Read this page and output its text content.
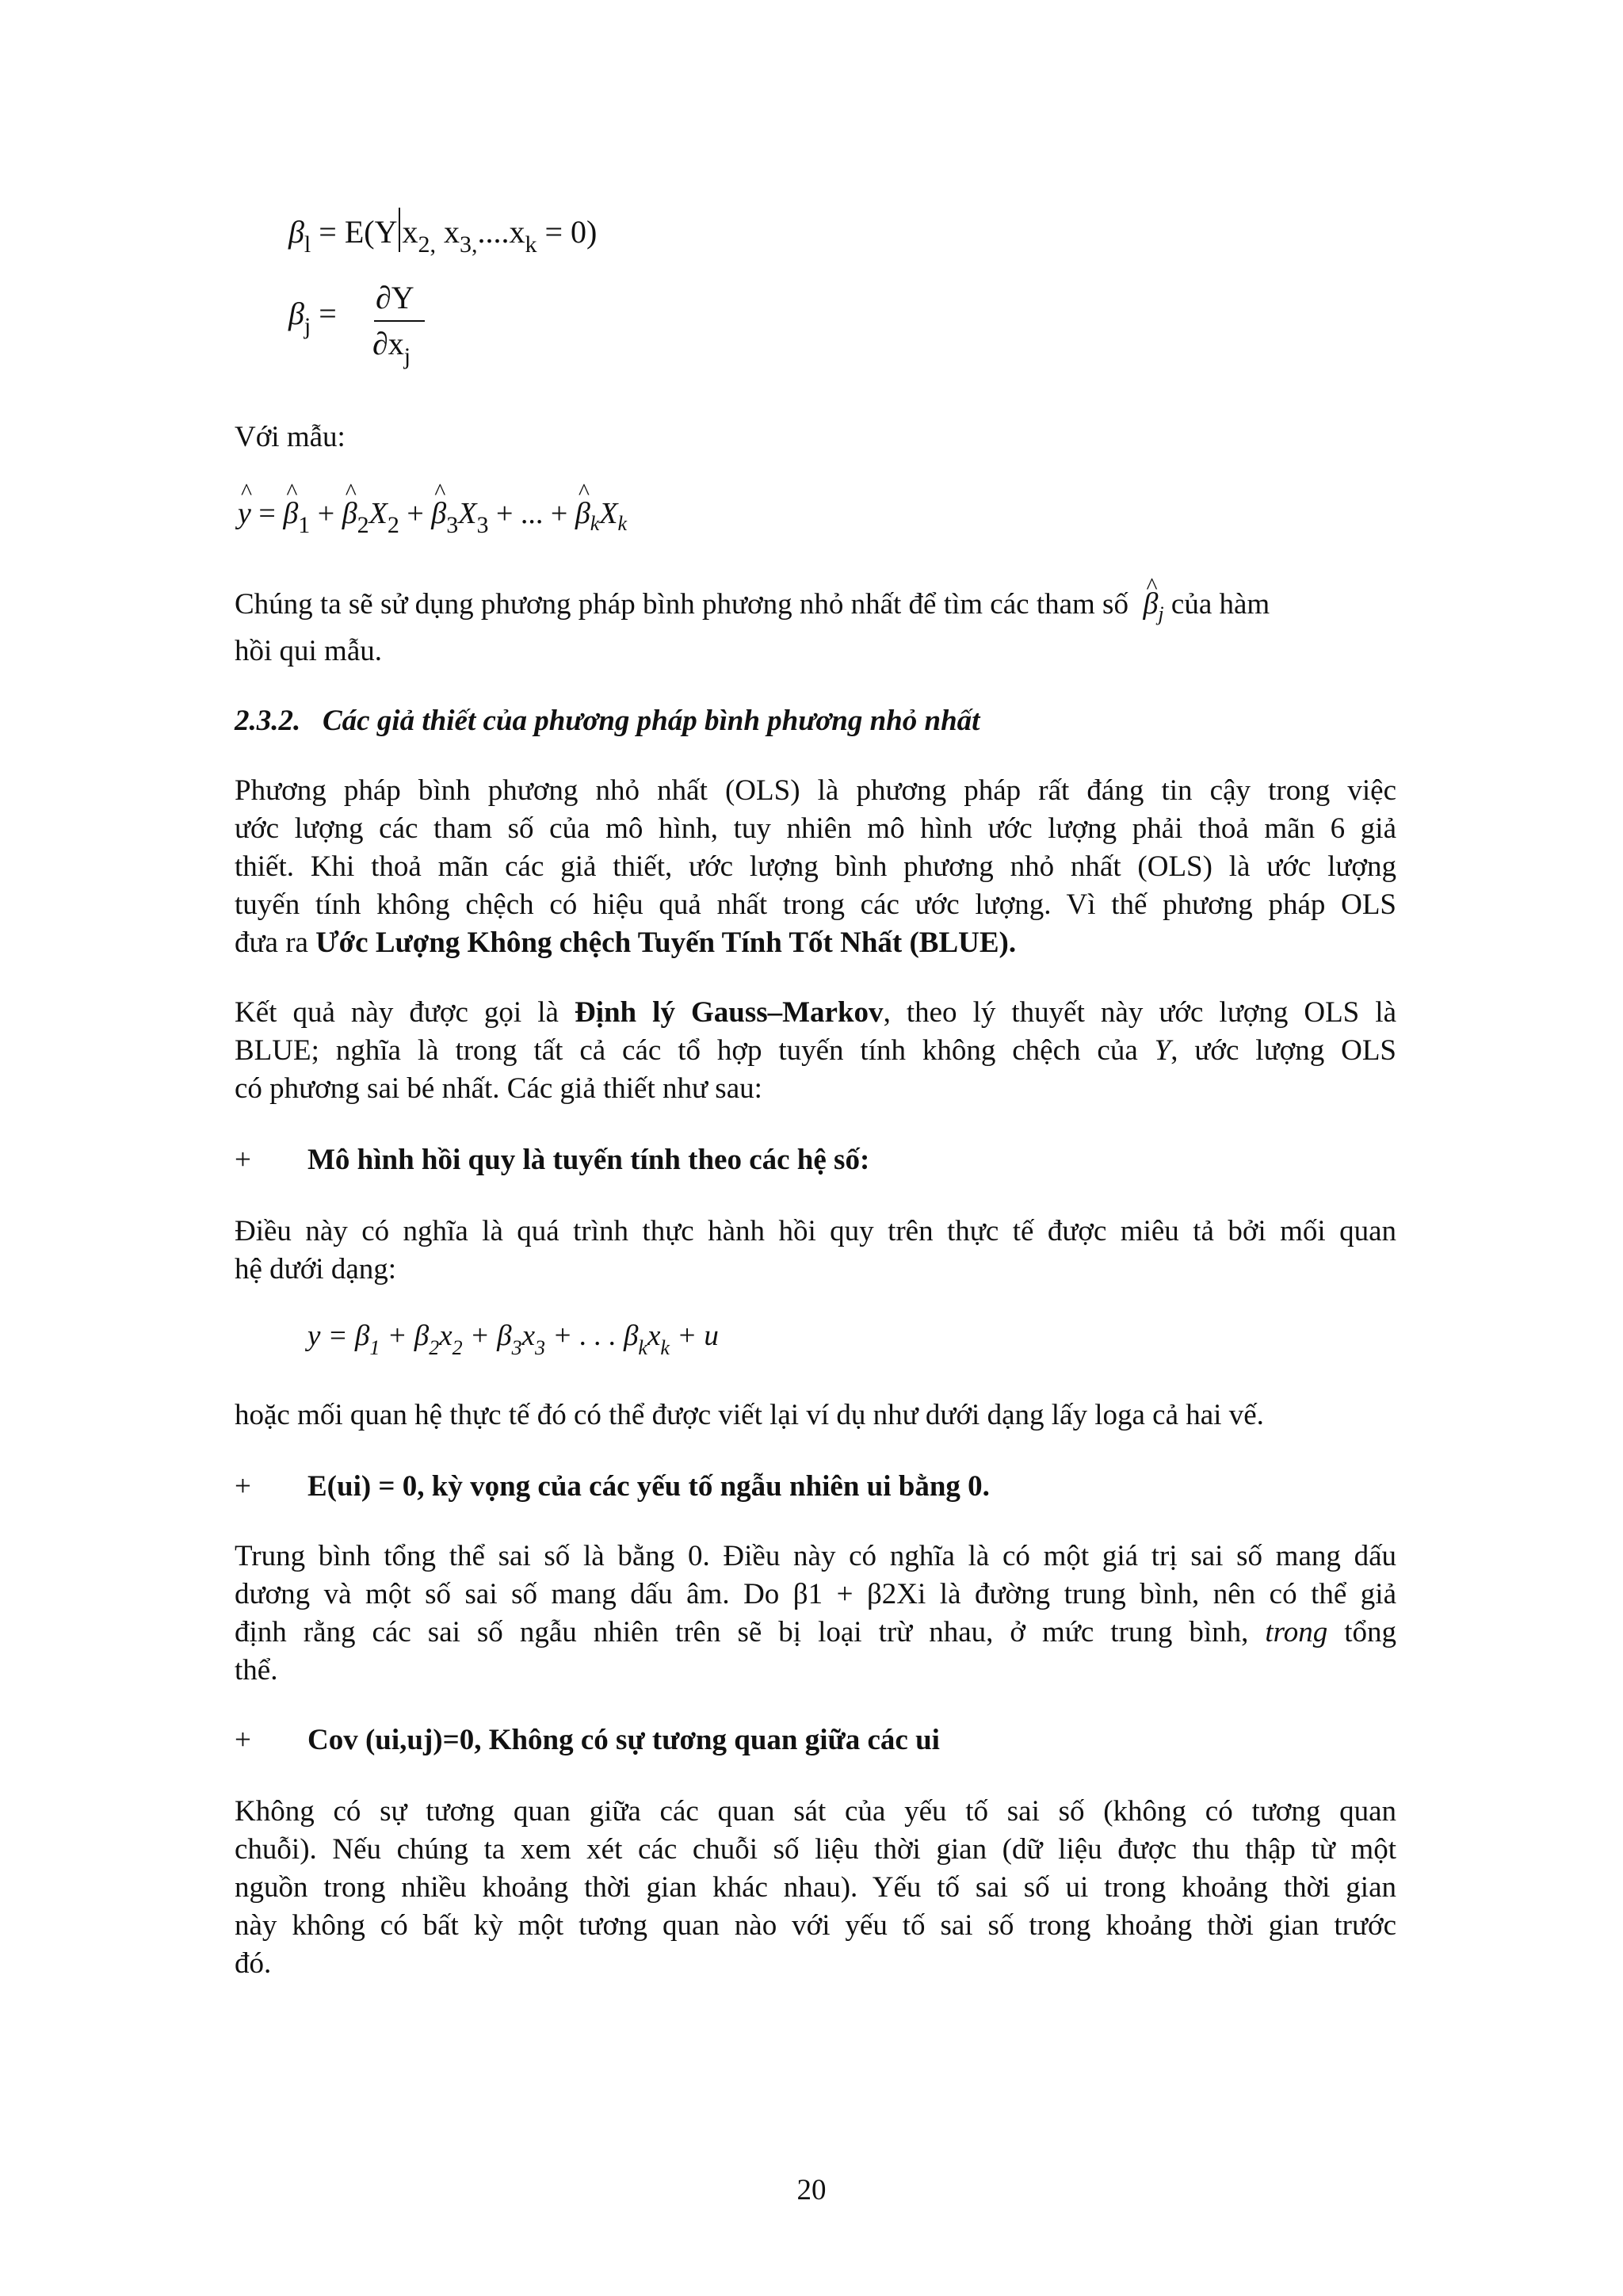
$\beta_l = E(Y$ $x_{2,}$ $x_{3,}....x_k = 0$)
$\beta_j = \partial Y$
$\partial x_j$
Với mẫu:
^ y = ^ $\beta_1$ + ^ $\beta_2X_2$ + ^ $\beta_3X_3$ + ... + ^ $\beta_kX_k$
Chúng ta sẽ sử dụng phương pháp bình phương nhỏ nhất để tìm các tham số  ^ $\beta_j$ của hàm
hồi qui mẫu.
2.3.2.   Các giả thiết của phương pháp bình phương nhỏ nhất
Phương pháp bình phương nhỏ nhất (OLS) là phương pháp rất đáng tin cậy trong việc
ước lượng các tham số của mô hình, tuy nhiên mô hình ước lượng phải thoả mãn 6 giả
thiết. Khi thoả mãn các giả thiết, ước lượng bình phương nhỏ nhất (OLS) là ước lượng
tuyến tính không chệch có hiệu quả nhất trong các ước lượng. Vì thế phương pháp OLS
đưa ra Ước Lượng Không chệch Tuyến Tính Tốt Nhất (BLUE).
Kết quả này được gọi là Định lý Gauss–Markov, theo lý thuyết này ước lượng OLS là
BLUE; nghĩa là trong tất cả các tổ hợp tuyến tính không chệch của Y, ước lượng OLS
có phương sai bé nhất. Các giả thiết như sau:
+ Mô hình hồi quy là tuyến tính theo các hệ số:
Điều này có nghĩa là quá trình thực hành hồi quy trên thực tế được miêu tả bởi mối quan
hệ dưới dạng:
$y = \beta_1 + \beta_2x_2 + \beta_3x_3$ + . . . $\beta_kx_k + u$
hoặc mối quan hệ thực tế đó có thể được viết lại ví dụ như dưới dạng lấy loga cả hai vế.
+ E(ui) = 0, kỳ vọng của các yếu tố ngẫu nhiên ui bằng 0.
Trung bình tổng thể sai số là bằng 0. Điều này có nghĩa là có một giá trị sai số mang dấu
dương và một số sai số mang dấu âm. Do β1 + β2Xi là đường trung bình, nên có thể giả
định rằng các sai số ngẫu nhiên trên sẽ bị loại trừ nhau, ở mức trung bình, trong tổng
thể.
+ Cov (ui,uj)=0, Không có sự tương quan giữa các ui
Không có sự tương quan giữa các quan sát của yếu tố sai số (không có tương quan
chuỗi). Nếu chúng ta xem xét các chuỗi số liệu thời gian (dữ liệu được thu thập từ một
nguồn trong nhiều khoảng thời gian khác nhau). Yếu tố sai số ui trong khoảng thời gian
này không có bất kỳ một tương quan nào với yếu tố sai số trong khoảng thời gian trước
đó.
20
